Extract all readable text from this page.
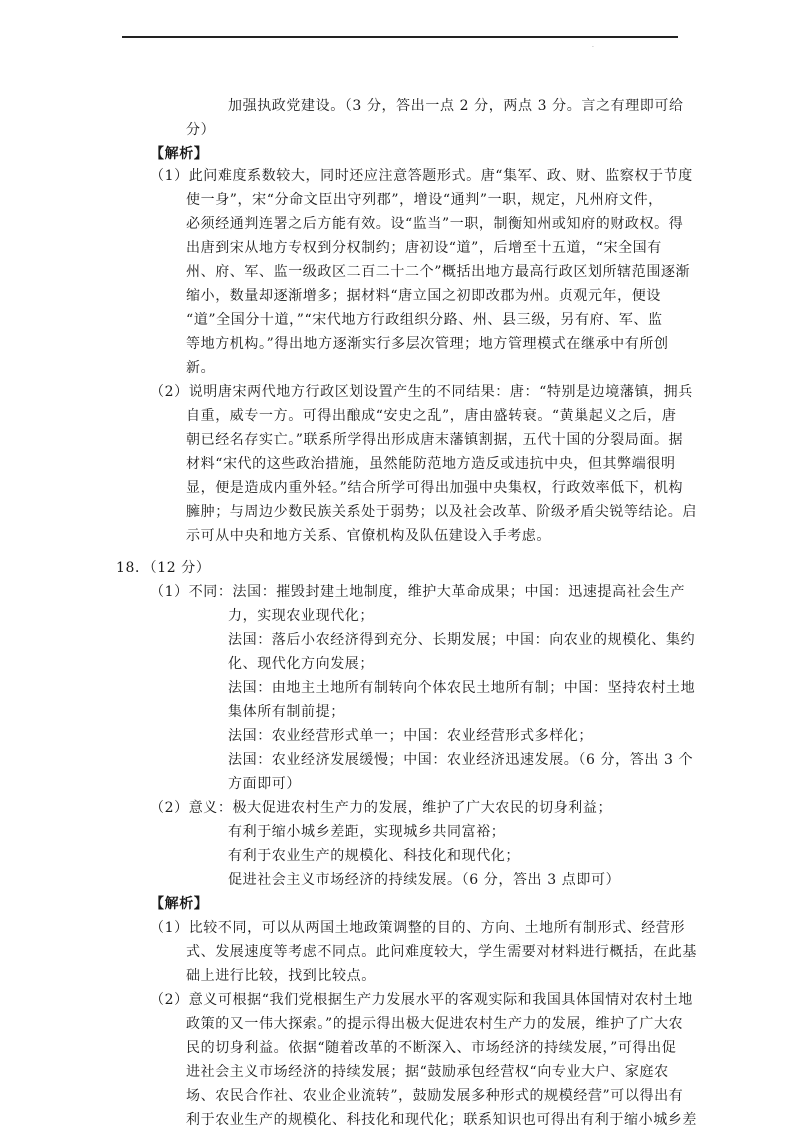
·
加强执政党建设。（3 分，答出一点 2 分，两点 3 分。言之有理即可给
分）
【解析】
（1）此问难度系数较大，同时还应注意答题形式。唐“集军、政、财、监察权于节度
使一身”，宋“分命文臣出守列郡”，增设“通判”一职，规定，凡州府文件，
必须经通判连署之后方能有效。设“监当”一职，制衡知州或知府的财政权。得
出唐到宋从地方专权到分权制约；唐初设“道”，后增至十五道，“宋全国有
州、府、军、监一级政区二百二十二个”概括出地方最高行政区划所辖范围逐渐
缩小，数量却逐渐增多；据材料“唐立国之初即改郡为州。贞观元年，便设
“道”全国分十道，”“宋代地方行政组织分路、州、县三级，另有府、军、监
等地方机构。”得出地方逐渐实行多层次管理；地方管理模式在继承中有所创
新。
（2）说明唐宋两代地方行政区划设置产生的不同结果：唐：“特别是边境藩镇，拥兵
自重，威专一方。可得出酿成“安史之乱”，唐由盛转衰。“黄巢起义之后，唐
朝已经名存实亡。”联系所学得出形成唐末藩镇割据，五代十国的分裂局面。据
材料“宋代的这些政治措施，虽然能防范地方造反或违抗中央，但其弊端很明
显，便是造成内重外轻。”结合所学可得出加强中央集权，行政效率低下，机构
臃肿；与周边少数民族关系处于弱势；以及社会改革、阶级矛盾尖锐等结论。启
示可从中央和地方关系、官僚机构及队伍建设入手考虑。
18．（12 分）
（1）不同：法国：摧毁封建土地制度，维护大革命成果；中国：迅速提高社会生产
力，实现农业现代化；
法国：落后小农经济得到充分、长期发展；中国：向农业的规模化、集约
化、现代化方向发展；
法国：由地主土地所有制转向个体农民土地所有制；中国：坚持农村土地
集体所有制前提；
法国：农业经营形式单一；中国：农业经营形式多样化；
法国：农业经济发展缓慢；中国：农业经济迅速发展。（6 分，答出 3 个
方面即可）
（2）意义：极大促进农村生产力的发展，维护了广大农民的切身利益；
有利于缩小城乡差距，实现城乡共同富裕；
有利于农业生产的规模化、科技化和现代化；
促进社会主义市场经济的持续发展。（6 分，答出 3 点即可）
【解析】
（1）比较不同，可以从两国土地政策调整的目的、方向、土地所有制形式、经营形
式、发展速度等考虑不同点。此问难度较大，学生需要对材料进行概括，在此基
础上进行比较，找到比较点。
（2）意义可根据“我们党根据生产力发展水平的客观实际和我国具体国情对农村土地
政策的又一伟大探索。”的提示得出极大促进农村生产力的发展，维护了广大农
民的切身利益。依据“随着改革的不断深入、市场经济的持续发展，”可得出促
进社会主义市场经济的持续发展；据“鼓励承包经营权“向专业大户、家庭农
场、农民合作社、农业企业流转”，鼓励发展多种形式的规模经营”可以得出有
利于农业生产的规模化、科技化和现代化；联系知识也可得出有利于缩小城乡差
